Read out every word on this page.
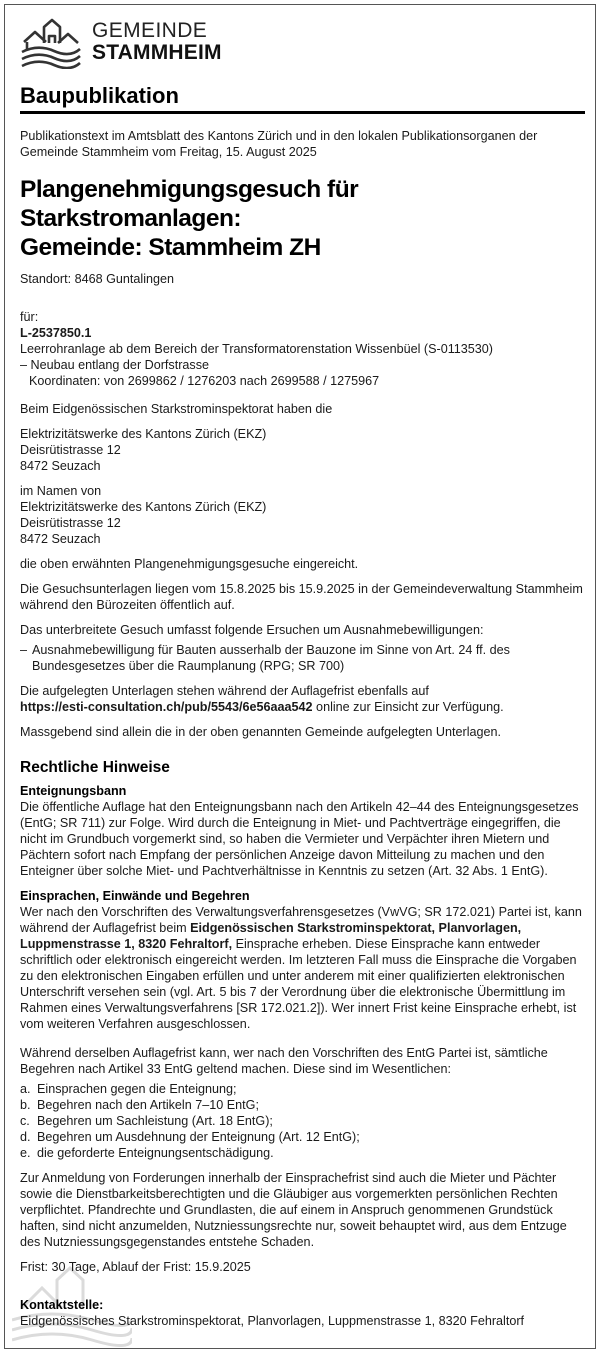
GEMEINDE
STAMMHEIM
Baupublikation

Publikationstext im Amtsblatt des Kantons Zürich und in den lokalen Publikationsorganen der Gemeinde Stammheim vom Freitag, 15. August 2025

Plangenehmigungsgesuch für Starkstromanlagen:
Gemeinde: Stammheim ZH

Standort: 8468 Guntalingen

für:
L-2537850.1
Leerrohranlage ab dem Bereich der Transformatorenstation Wissenbüel (S-0113530)
– Neubau entlang der Dorfstrasse
Koordinaten: von 2699862 / 1276203 nach 2699588 / 1275967

Beim Eidgenössischen Starkstrominspektorat haben die

Elektrizitätswerke des Kantons Zürich (EKZ)
Deisrütistrasse 12
8472 Seuzach

im Namen von
Elektrizitätswerke des Kantons Zürich (EKZ)
Deisrütistrasse 12
8472 Seuzach

die oben erwähnten Plangenehmigungsgesuche eingereicht.

Die Gesuchsunterlagen liegen vom 15.8.2025 bis 15.9.2025 in der Gemeindeverwaltung Stammheim während den Bürozeiten öffentlich auf.

Das unterbreitete Gesuch umfasst folgende Ersuchen um Ausnahmebewilligungen:

– Ausnahmebewilligung für Bauten ausserhalb der Bauzone im Sinne von Art. 24 ff. des Bundesgesetzes über die Raumplanung (RPG; SR 700)

Die aufgelegten Unterlagen stehen während der Auflagefrist ebenfalls auf
https://esti-consultation.ch/pub/5543/6e56aaa542 online zur Einsicht zur Verfügung.

Massgebend sind allein die in der oben genannten Gemeinde aufgelegten Unterlagen.

Rechtliche Hinweise
Enteignungsbann

Die öffentliche Auflage hat den Enteignungsbann nach den Artikeln 42–44 des Enteignungsgesetzes (EntG; SR 711) zur Folge. Wird durch die Enteignung in Miet- und Pachtverträge eingegriffen, die nicht im Grundbuch vorgemerkt sind, so haben die Vermieter und Verpächter ihren Mietern und Pächtern sofort nach Empfang der persönlichen Anzeige davon Mitteilung zu machen und den Enteigner über solche Miet- und Pachtverhältnisse in Kenntnis zu setzen (Art. 32 Abs. 1 EntG).

Einsprachen, Einwände und Begehren

Wer nach den Vorschriften des Verwaltungsverfahrensgesetzes (VwVG; SR 172.021) Partei ist, kann während der Auflagefrist beim Eidgenössischen Starkstrominspektorat, Planvorlagen, Luppmenstrasse 1, 8320 Fehraltorf, Einsprache erheben. Diese Einsprache kann entweder schriftlich oder elektronisch eingereicht werden. Im letzteren Fall muss die Einsprache die Vorgaben zu den elektronischen Eingaben erfüllen und unter anderem mit einer qualifizierten elektronischen Unterschrift versehen sein (vgl. Art. 5 bis 7 der Verordnung über die elektronische Übermittlung im Rahmen eines Verwaltungsverfahrens [SR 172.021.2]). Wer innert Frist keine Einsprache erhebt, ist vom weiteren Verfahren ausgeschlossen.

Während derselben Auflagefrist kann, wer nach den Vorschriften des EntG Partei ist, sämtliche Begehren nach Artikel 33 EntG geltend machen. Diese sind im Wesentlichen:

a. Einsprachen gegen die Enteignung;
b. Begehren nach den Artikeln 7–10 EntG;
c. Begehren um Sachleistung (Art. 18 EntG);
d. Begehren um Ausdehnung der Enteignung (Art. 12 EntG);
e. die geforderte Enteignungsentschädigung.

Zur Anmeldung von Forderungen innerhalb der Einsprachefrist sind auch die Mieter und Pächter sowie die Dienstbarkeitsberechtigten und die Gläubiger aus vorgemerkten persönlichen Rechten verpflichtet. Pfandrechte und Grundlasten, die auf einem in Anspruch genommenen Grundstück haften, sind nicht anzumelden, Nutzniessungsrechte nur, soweit behauptet wird, aus dem Entzuge des Nutzniessungsgegenstandes entstehe Schaden.

Frist: 30 Tage, Ablauf der Frist: 15.9.2025

Kontaktstelle:

Eidgenössisches Starkstrominspektorat, Planvorlagen, Luppmenstrasse 1, 8320 Fehraltorf
